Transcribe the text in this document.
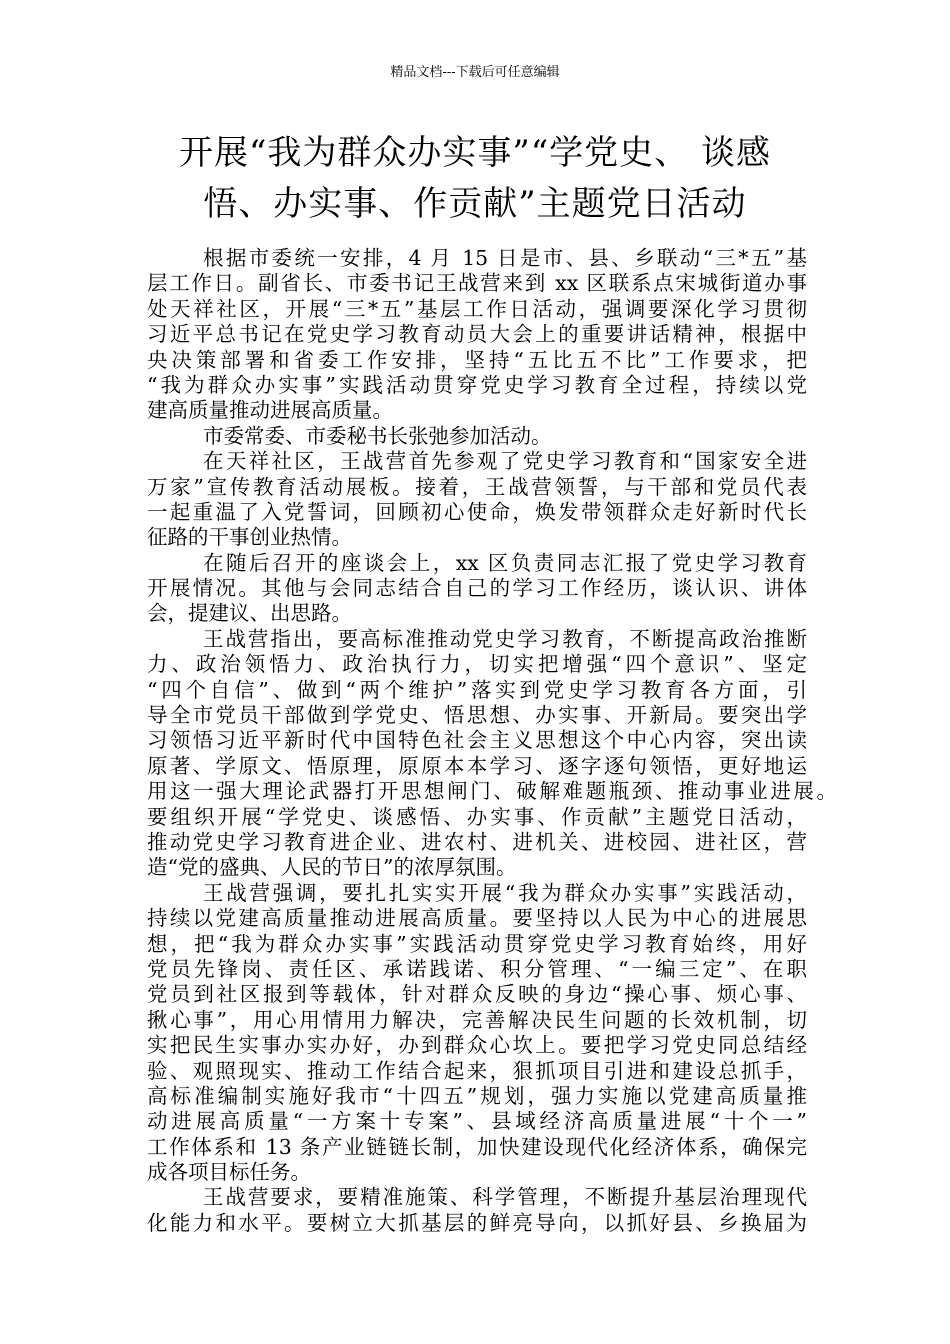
精品文档---下载后可任意编辑
开展“我为群众办实事”“学党史、 谈感
悟、办实事、作贡献”主题党日活动
根据市委统一安排，4 月 15 日是市、县、乡联动“三*五”基
层工作日。副省长、市委书记王战营来到 xx 区联系点宋城街道办事
处天祥社区，开展“三*五”基层工作日活动，强调要深化学习贯彻
习近平总书记在党史学习教育动员大会上的重要讲话精神，根据中
央决策部署和省委工作安排，坚持“五比五不比”工作要求，把
“我为群众办实事”实践活动贯穿党史学习教育全过程，持续以党
建高质量推动进展高质量。
市委常委、市委秘书长张弛参加活动。
在天祥社区，王战营首先参观了党史学习教育和“国家安全进
万家”宣传教育活动展板。接着，王战营领誓，与干部和党员代表
一起重温了入党誓词，回顾初心使命，焕发带领群众走好新时代长
征路的干事创业热情。
在随后召开的座谈会上，xx 区负责同志汇报了党史学习教育
开展情况。其他与会同志结合自己的学习工作经历，谈认识、讲体
会，提建议、出思路。
王战营指出，要高标准推动党史学习教育，不断提高政治推断
力、政治领悟力、政治执行力，切实把增强“四个意识”、坚定
“四个自信”、做到“两个维护”落实到党史学习教育各方面，引
导全市党员干部做到学党史、悟思想、办实事、开新局。要突出学
习领悟习近平新时代中国特色社会主义思想这个中心内容，突出读
原著、学原文、悟原理，原原本本学习、逐字逐句领悟，更好地运
用这一强大理论武器打开思想闸门、破解难题瓶颈、推动事业进展。
要组织开展“学党史、谈感悟、办实事、作贡献”主题党日活动，
推动党史学习教育进企业、进农村、进机关、进校园、进社区，营
造“党的盛典、人民的节日”的浓厚氛围。
王战营强调，要扎扎实实开展“我为群众办实事”实践活动，
持续以党建高质量推动进展高质量。要坚持以人民为中心的进展思
想，把“我为群众办实事”实践活动贯穿党史学习教育始终，用好
党员先锋岗、责任区、承诺践诺、积分管理、“一编三定”、在职
党员到社区报到等载体，针对群众反映的身边“操心事、烦心事、
揪心事”，用心用情用力解决，完善解决民生问题的长效机制，切
实把民生实事办实办好，办到群众心坎上。要把学习党史同总结经
验、观照现实、推动工作结合起来，狠抓项目引进和建设总抓手，
高标准编制实施好我市“十四五”规划，强力实施以党建高质量推
动进展高质量“一方案十专案”、县域经济高质量进展“十个一”
工作体系和 13 条产业链链长制，加快建设现代化经济体系，确保完
成各项目标任务。
王战营要求，要精准施策、科学管理，不断提升基层治理现代
化能力和水平。要树立大抓基层的鲜亮导向，以抓好县、乡换届为
